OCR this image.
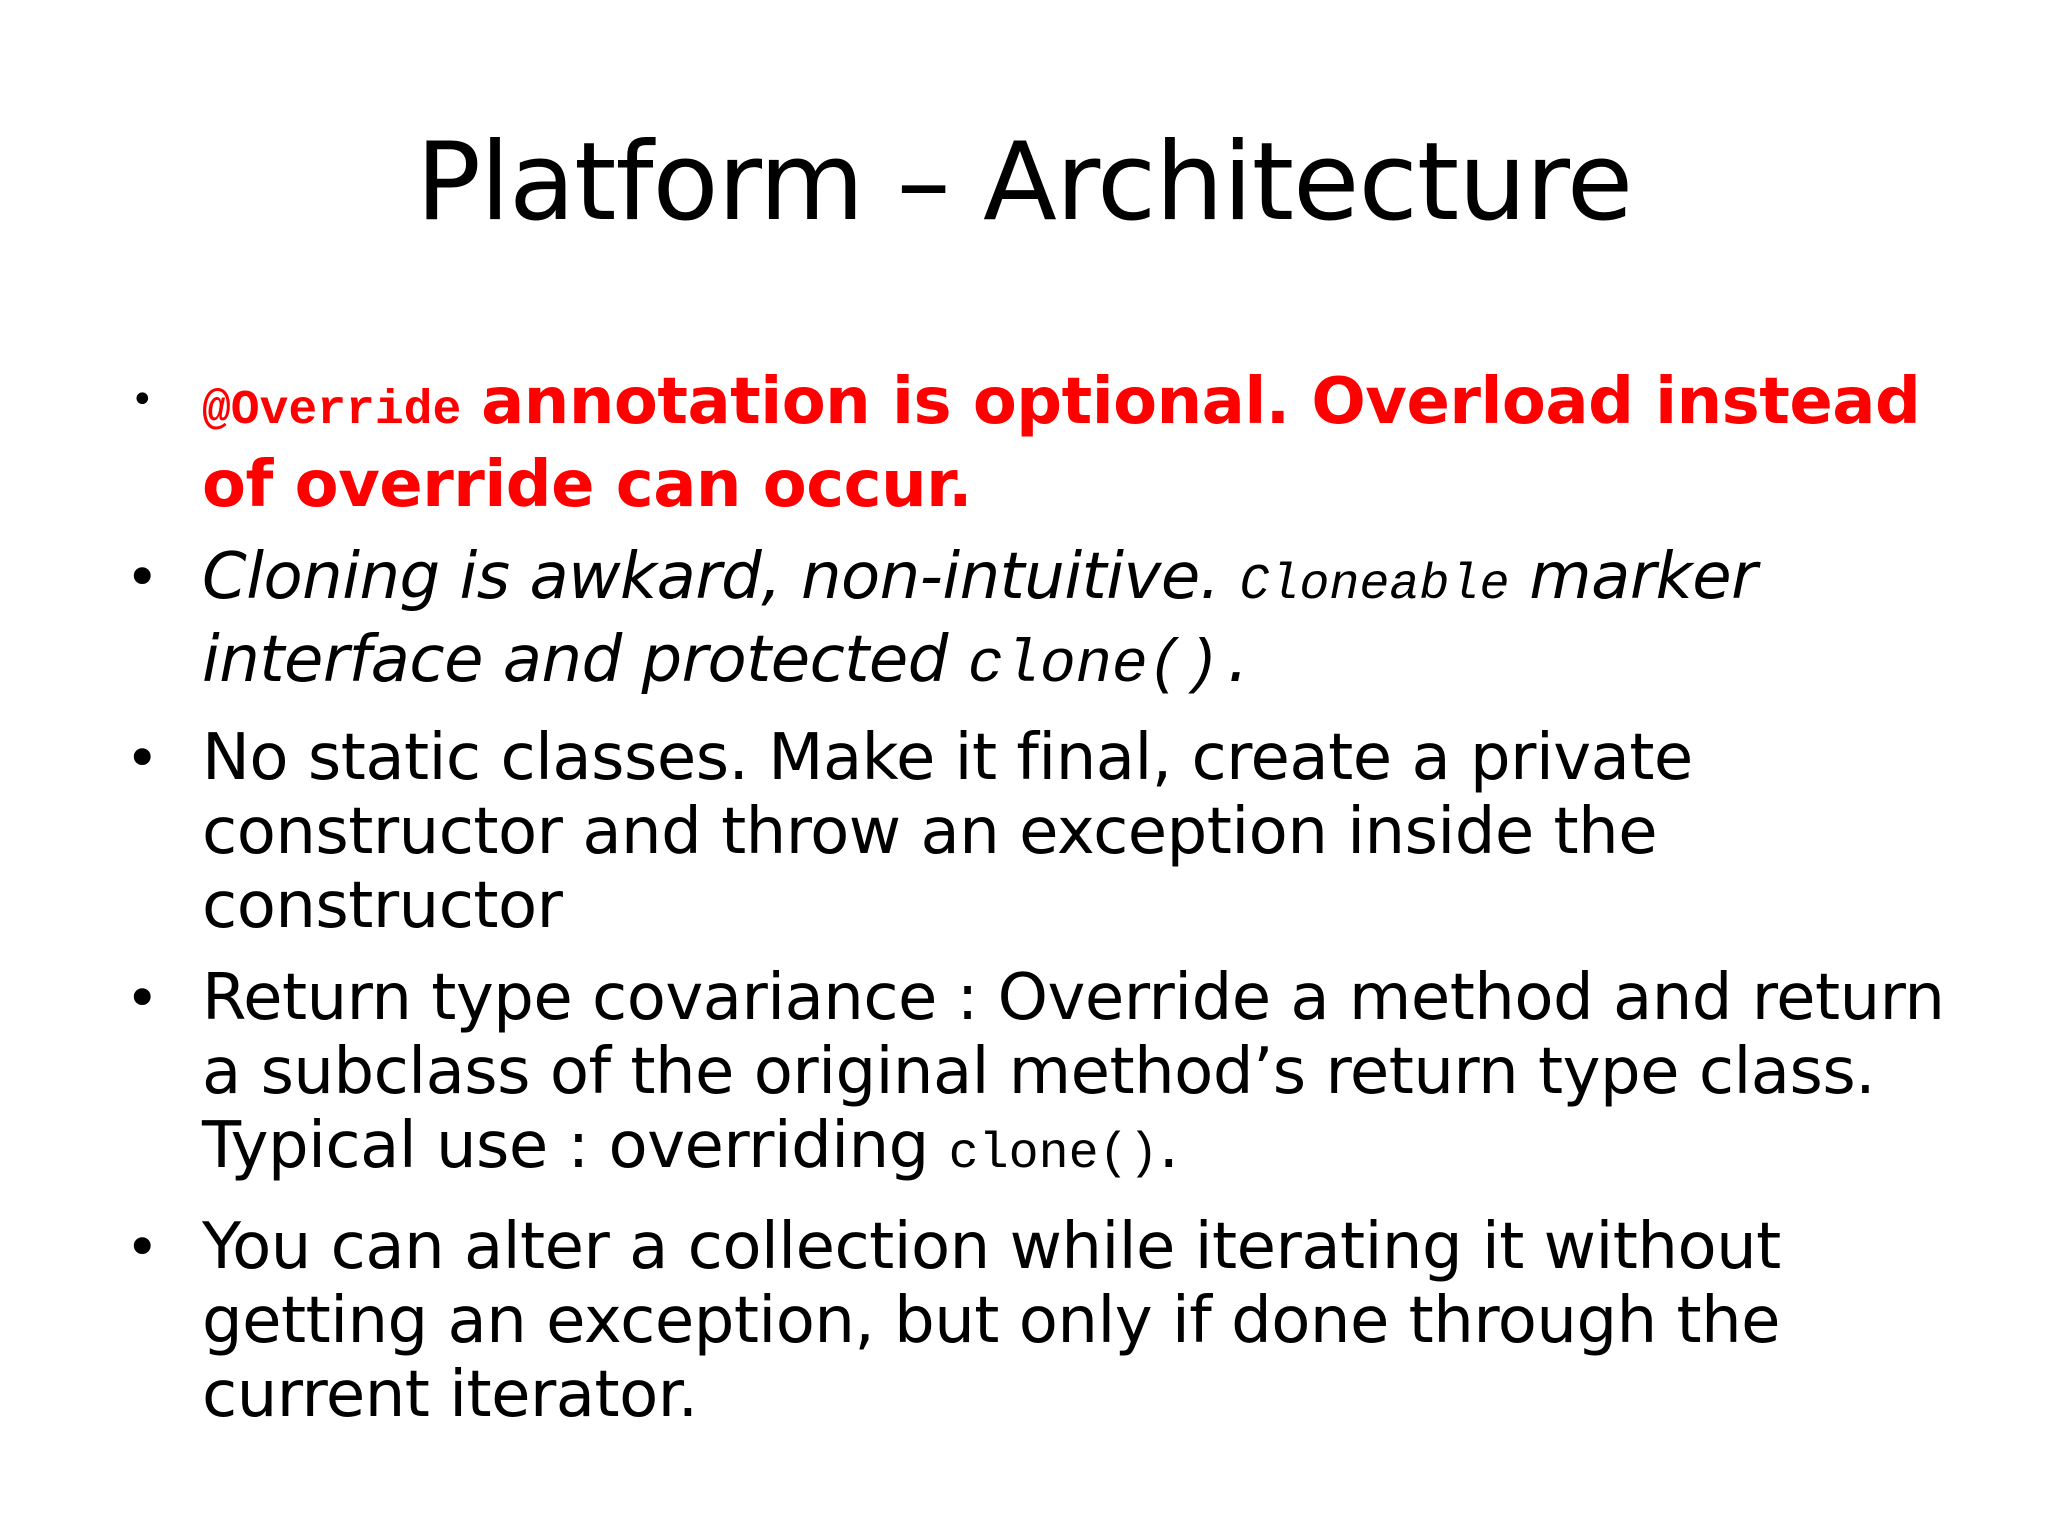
Platform – Architecture
• @Override annotation is optional. Overload instead of override can occur.
• Cloning is awkard, non-intuitive. Cloneable marker interface and protected clone().
• No static classes. Make it final, create a private constructor and throw an exception inside the constructor
• Return type covariance : Override a method and return a subclass of the original method’s return type class. Typical use : overriding clone().
• You can alter a collection while iterating it without getting an exception, but only if done through the current iterator.
